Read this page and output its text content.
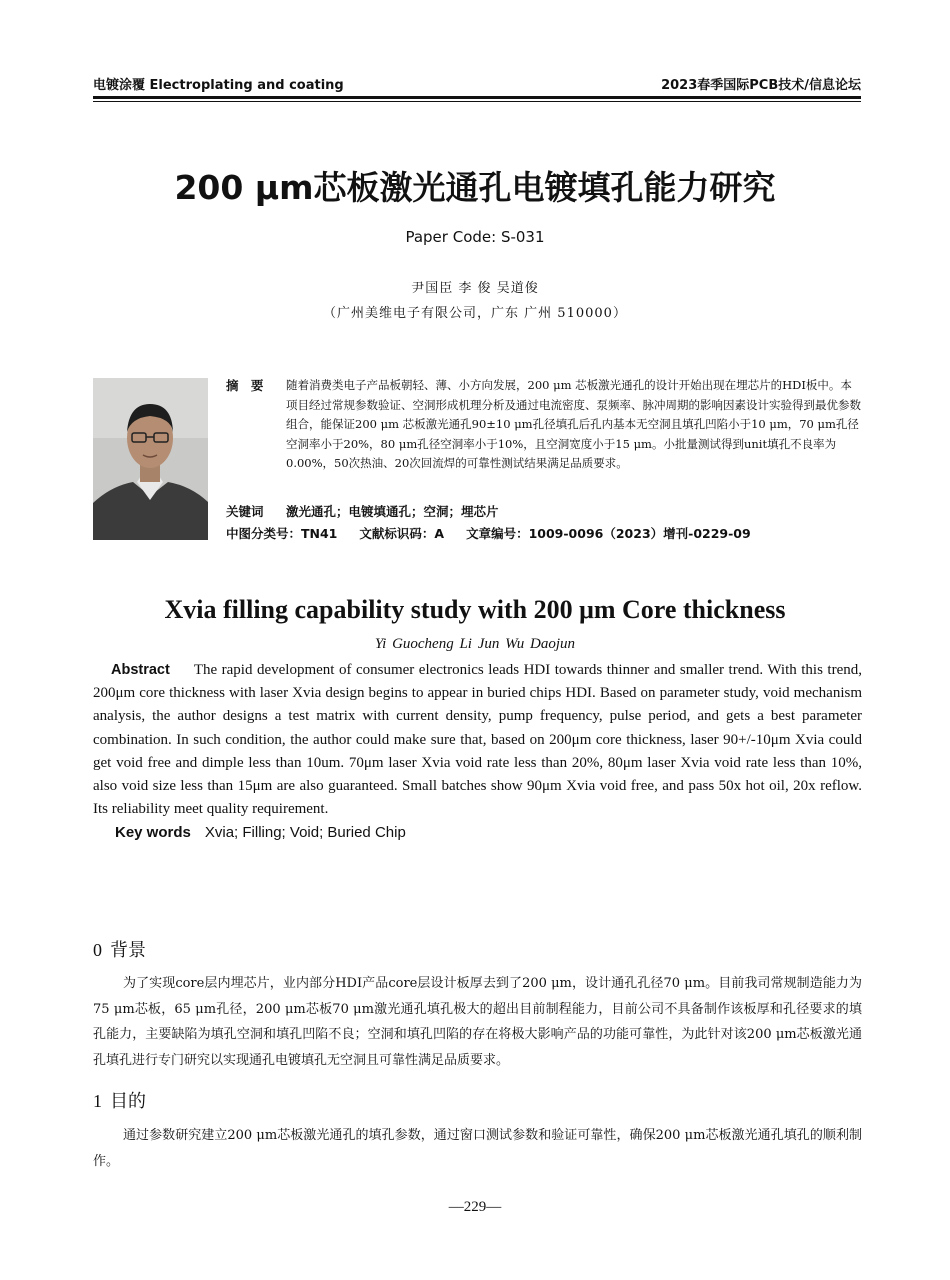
电镀涂覆 Electroplating and coating	2023春季国际PCB技术/信息论坛
200 μm芯板激光通孔电镀填孔能力研究
Paper Code: S-031
尹国臣 李 俊 吴道俊
（广州美维电子有限公司，广东 广州 510000）
摘 要 随着消费类电子产品板朝轻、薄、小方向发展，200 μm 芯板激光通孔的设计开始出现在埋芯片的HDI板中。本项目经过常规参数验证、空洞形成机理分析及通过电流密度、泵频率、脉冲周期的影响因素设计实验得到最优参数组合，能保证200 μm 芯板激光通孔90±10 μm孔径填孔后孔内基本无空洞且填孔凹陷小于10 μm，70 μm孔径空洞率小于20%，80 μm孔径空洞率小于10%，且空洞宽度小于15 μm。小批量测试得到unit填孔不良率为0.00%，50次热油、20次回流焊的可靠性测试结果满足品质要求。
关键词 激光通孔；电镀填通孔；空洞；埋芯片
中图分类号：TN41 文献标识码：A 文章编号：1009-0096（2023）增刊-0229-09
Xvia filling capability study with 200 μm Core thickness
Yi Guocheng Li Jun Wu Daojun
Abstract The rapid development of consumer electronics leads HDI towards thinner and smaller trend. With this trend, 200μm core thickness with laser Xvia design begins to appear in buried chips HDI. Based on parameter study, void mechanism analysis, the author designs a test matrix with current density, pump frequency, pulse period, and gets a best parameter combination. In such condition, the author could make sure that, based on 200μm core thickness, laser 90+/-10μm Xvia could get void free and dimple less than 10um. 70μm laser Xvia void rate less than 20%, 80μm laser Xvia void rate less than 10%, also void size less than 15μm are also guaranteed. Small batches show 90μm Xvia void free, and pass 50x hot oil, 20x reflow. Its reliability meet quality requirement.
Key words Xvia; Filling; Void; Buried Chip
0 背景
为了实现core层内埋芯片，业内部分HDI产品core层设计板厚去到了200 μm，设计通孔孔径70 μm。目前我司常规制造能力为75 μm芯板，65 μm孔径，200 μm芯板70 μm激光通孔填孔极大的超出目前制程能力，目前公司不具备制作该板厚和孔径要求的填孔能力，主要缺陷为填孔空洞和填孔凹陷不良；空洞和填孔凹陷的存在将极大影响产品的功能可靠性，为此针对该200 μm芯板激光通孔填孔进行专门研究以实现通孔电镀填孔无空洞且可靠性满足品质要求。
1 目的
通过参数研究建立200 μm芯板激光通孔的填孔参数，通过窗口测试参数和验证可靠性，确保200 μm芯板激光通孔填孔的顺利制作。
—229—
